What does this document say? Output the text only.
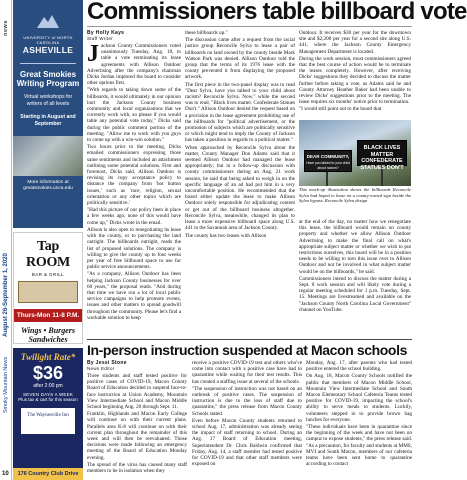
news
August 26-September 1, 2020
Smoky Mountain News
10
UNIVERSITY of NORTH CAROLINA
ASHEVILLE
Great Smokies Writing Program
Virtual workshops for writers of all levels
Starting in August and September
More information at greatsmokies.unca.edu
Tap ROOM
BAR & GRILL
Thurs-Mon 11-8 P.M.
Wings • Burgers Sandwiches
Twilight Rate*
$36
after 2:00 pm
SEVEN DAYS A WEEK
Plus tax & cart for this season
The Waynesville Inn
176 Country Club Drive
Commissioners table billboard vote
By Holly Kays
Staff Writer

Jackson County Commissioners voted unanimously Tuesday, Aug. 18, to table a vote terminating its lease agreements with Allison Outdoor Advertising after the company's chairman Dicks Jordan implored the board to consider other options first.

"With regards to taking down some of the billboards, it would ultimately in our opinion hurt the Jackson County business community and local organizations that we currently work with, so please if you would table any potential vote today," Dicks said during the public comment portion of the meeting. "Allow me to work with you guys to come up with a win-win solution."

Two hours prior to the meeting, Dicks emailed commissioners expressing those same sentiments and included an attachment outlining some potential solutions. First and foremost, Dicks said, Allison Outdoor is revising its copy acceptance policy to distance the company from 'hot button issues,' such as 'race, religion, sexual orientation or any other topics which are politically sensitive.'

"Had this picture of our policy been in place a few weeks ago, none of this would have come up," Dicks wrote in the email.

Allison is also open to renegotiating its lease with the county, or to purchasing the land outright. The billboards outright, reads the list of proposed solutions. The company is willing to give the county up to four weeks per year of free billboard space to use for public service announcements.

"As a company, Allison Outdoor has been helping Jackson County businesses for over 60 years," the proposal reads. "And during that time we have run a lot of local public service campaigns to help promote events, issues and other matters to spread goodwill throughout the community. Please let's find a workable solution to keep

these billboards up."

The discussion came after a request from the racial justice group Reconcile Sylva to lease a pair of billboards on land owned by the county beside Mark Watson Park was denied. Allison Outdoor told the group that the terms of its 1976 lease with the county prevented it from displaying the proposed artwork.

The first piece in the two-panel display was to read "Dear Sylva, have you talked to your child about racism? Reconcile Sylva. Now." while the second was to read, "Black lives matter. Confederate Statues Don't." Allison Outdoor denied the request based on a provision in the lease agreement prohibiting use of the billboards for "political advertisement, or the promotion of subjects which are politically sensitive or which might tend to imply the County of Jackson has taken a position in regards to a political matter."

When approached by Reconcile Sylva about the matter, County Manager Don Adams said that it seemed Allison Outdoor had managed the lease appropriately; but in a follow-up discussion with county commissioners during an Aug. 21 work session, he said that being asked to weigh in on the specific language of an ad had put him in a very uncomfortable position. He recommended that the board either update the lease to make Allison Outdoor solely responsible for adjudicating content or get out of the billboard business altogether. Reconcile Sylva, meanwhile, changed its plan to lease a more expensive billboard space along U.S. 441 in the Savannah area of Jackson County.

The county has two leases with Allison

Outdoor. It receives $30 per year for the downtown site and $2,200 per year for a second site along U.S. 441, where the Jackson County Emergency Management Department is located.

During the work session, most commissioners agreed that the best course of action would be to terminate the leases completely. However, after receiving Dicks' suggestions they decided to discuss the matter further before taking a vote, as Adams said he and County Attorney Heather Baker had been unable to review Dicks' suggestions prior to the meeting. The lease requires six months' notice prior to termination.

"I would still point out to the board that

DEAR COMMUNITY,
Have you talked to your child about racism?
BLACK LIVES MATTER CONFEDERATE STATUES DON'T
This mock-up illustration shows the billboards Reconcile Sylva had hoped to lease on a county-owned sign beside the Sylva bypass. Reconcile Sylva design

at the end of the day, no matter how we renegotiate this lease, the billboard would remain on county property and whether we allow Allison Outdoor Advertising to make the final call on what's appropriate subject matter or whether we wish to put restrictions ourselves, this board will be in a position needs to be willing to turn this issue over to Allison Outdoor and not be involved in what subject matter would be on the billboards," he said.

Commissioners intend to discuss the matter during a Sept. 8 work session and will likely vote during a regular meeting scheduled for 1 p.m. Tuesday, Sept. 15. Meetings are livestreamed and available on the "Jackson County North Carolina Local Government" channel on YouTube.

In-person instruction suspended at Macon schools
By Jessi Stone
News Editor

Three students and staff tested positive for positive cases of COVID-19, Macon County Board of Education decided to suspend face-to-face instruction at Union Academy, Mountain View Intermediate School and Macon Middle School beginning Aug. 20 through Sept. 11.

Franklin, Highlands and Macon Early College will continue on with their current plans. Parallels area K-8 will continue on with their current plan throughout the remainder of this week and will then be reevaluated. Those decisions were made following an emergency meeting of the Board of Education Monday evening.

The spread of the virus has caused many staff members to be in isolation when they

receive a positive COVID-19 test and others who've come into contact with a positive case have had to quarantine while waiting for their test results. This has created a staffing issue at several of the schools.

"The suspension of instruction was not based on an outbreak of positive cases. The suspension of instruction is due to the loss of staff due to quarantine," the press release from Macon County Schools stated.

Even before Macon County students returned to school Aug. 17, administration was already seeing the impact of staff returning to school. During an Aug. 17 Board of Education meeting, Superintendent Dr. Chris Baldwin confirmed that Friday, Aug. 14, a staff member had tested positive for COVID-19 and that other staff members were exposed on

Monday, Aug. 17, after parents who had tested positive entered the school building.

On Aug. 18, Macon County Schools notified the public that members of Macon Middle School, Mountain View Intermediate School and South Macon Elementary School Cafeteria Teams tested positive for COVID-19, impacting the school's ability to serve meals to students. Luckily, volunteers stepped in to provide brown bag lunches for everyone.

"These individuals have been in quarantine since the beginning of the week and have not been on campus to expose students," the press release said. "As a precaution, for faculty and students at MMS, MVI and South Macon, members of our cafeteria teams have been sent home to quarantine according to contact
